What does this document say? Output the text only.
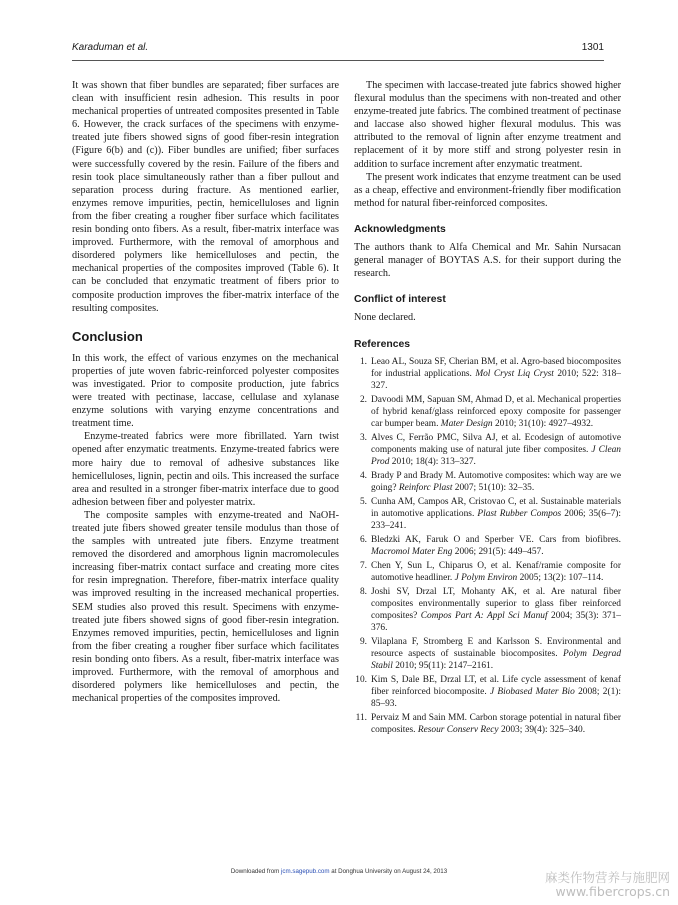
Karaduman et al.	1301

It was shown that fiber bundles are separated; fiber surfaces are clean with insufficient resin adhesion. This results in poor mechanical properties of untreated composites presented in Table 6. However, the crack surfaces of the specimens with enzyme-treated jute fibers showed signs of good fiber-resin integration (Figure 6(b) and (c)). Fiber bundles are unified; fiber surfaces were successfully covered by the resin. Failure of the fibers and resin took place simultaneously rather than a fiber pullout and separation process during fracture. As mentioned earlier, enzymes remove impurities, pectin, hemicelluloses and lignin from the fiber creating a rougher fiber surface which facilitates resin bonding onto fibers. As a result, fiber-matrix interface was improved. Furthermore, with the removal of amorphous and disordered polymers like hemicelluloses and pectin, the mechanical properties of the composites improved (Table 6). It can be concluded that enzymatic treatment of fibers prior to composite production improves the fiber-matrix interface of the resulting composites.

Conclusion

In this work, the effect of various enzymes on the mechanical properties of jute woven fabric-reinforced polyester composites was investigated. Prior to composite production, jute fabrics were treated with pectinase, laccase, cellulase and xylanase enzyme solutions with varying enzyme concentrations and treatment time.

Enzyme-treated fabrics were more fibrillated. Yarn twist opened after enzymatic treatments. Enzyme-treated fabrics were more hairy due to removal of adhesive substances like hemicelluloses, lignin, pectin and oils. This increased the surface area and resulted in a stronger fiber-matrix interface due to good adhesion between fiber and polyester matrix.

The composite samples with enzyme-treated and NaOH-treated jute fibers showed greater tensile modulus than those of the samples with untreated jute fibers. Enzyme treatment removed the disordered and amorphous lignin macromolecules increasing fiber-matrix contact surface and creating more cites for resin impregnation. Therefore, fiber-matrix interface quality was improved resulting in the increased mechanical properties. SEM studies also proved this result. Specimens with enzyme-treated jute fibers showed signs of good fiber-resin integration. Enzymes removed impurities, pectin, hemicelluloses and lignin from the fiber creating a rougher fiber surface which facilitates resin bonding onto fibers. As a result, fiber-matrix interface was improved. Furthermore, with the removal of amorphous and disordered polymers like hemicelluloses and pectin, the mechanical properties of the composites improved.

The specimen with laccase-treated jute fabrics showed higher flexural modulus than the specimens with non-treated and other enzyme-treated jute fabrics. The combined treatment of pectinase and laccase also showed higher flexural modulus. This was attributed to the removal of lignin after enzyme treatment and replacement of it by more stiff and strong polyester resin in addition to surface increment after enzymatic treatment.

The present work indicates that enzyme treatment can be used as a cheap, effective and environment-friendly fiber modification method for natural fiber-reinforced composites.

Acknowledgments

The authors thank to Alfa Chemical and Mr. Sahin Nursacan general manager of BOYTAS A.S. for their support during the research.

Conflict of interest

None declared.

References
1. Leao AL, Souza SF, Cherian BM, et al. Agro-based biocomposites for industrial applications. Mol Cryst Liq Cryst 2010; 522: 318–327.
2. Davoodi MM, Sapuan SM, Ahmad D, et al. Mechanical properties of hybrid kenaf/glass reinforced epoxy composite for passenger car bumper beam. Mater Design 2010; 31(10): 4927–4932.
3. Alves C, Ferrão PMC, Silva AJ, et al. Ecodesign of automotive components making use of natural jute fiber composites. J Clean Prod 2010; 18(4): 313–327.
4. Brady P and Brady M. Automotive composites: which way are we going? Reinforc Plast 2007; 51(10): 32–35.
5. Cunha AM, Campos AR, Cristovao C, et al. Sustainable materials in automotive applications. Plast Rubber Compos 2006; 35(6–7): 233–241.
6. Bledzki AK, Faruk O and Sperber VE. Cars from biofibres. Macromol Mater Eng 2006; 291(5): 449–457.
7. Chen Y, Sun L, Chiparus O, et al. Kenaf/ramie composite for automotive headliner. J Polym Environ 2005; 13(2): 107–114.
8. Joshi SV, Drzal LT, Mohanty AK, et al. Are natural fiber composites environmentally superior to glass fiber reinforced composites? Compos Part A: Appl Sci Manuf 2004; 35(3): 371–376.
9. Vilaplana F, Stromberg E and Karlsson S. Environmental and resource aspects of sustainable biocomposites. Polym Degrad Stabil 2010; 95(11): 2147–2161.
10. Kim S, Dale BE, Drzal LT, et al. Life cycle assessment of kenaf fiber reinforced biocomposite. J Biobased Mater Bio 2008; 2(1): 85–93.
11. Pervaiz M and Sain MM. Carbon storage potential in natural fiber composites. Resour Conserv Recy 2003; 39(4): 325–340.
Downloaded from jcm.sagepub.com at Donghua University on August 24, 2013	麻类作物营养与施肥网
www.fibercrops.cn
